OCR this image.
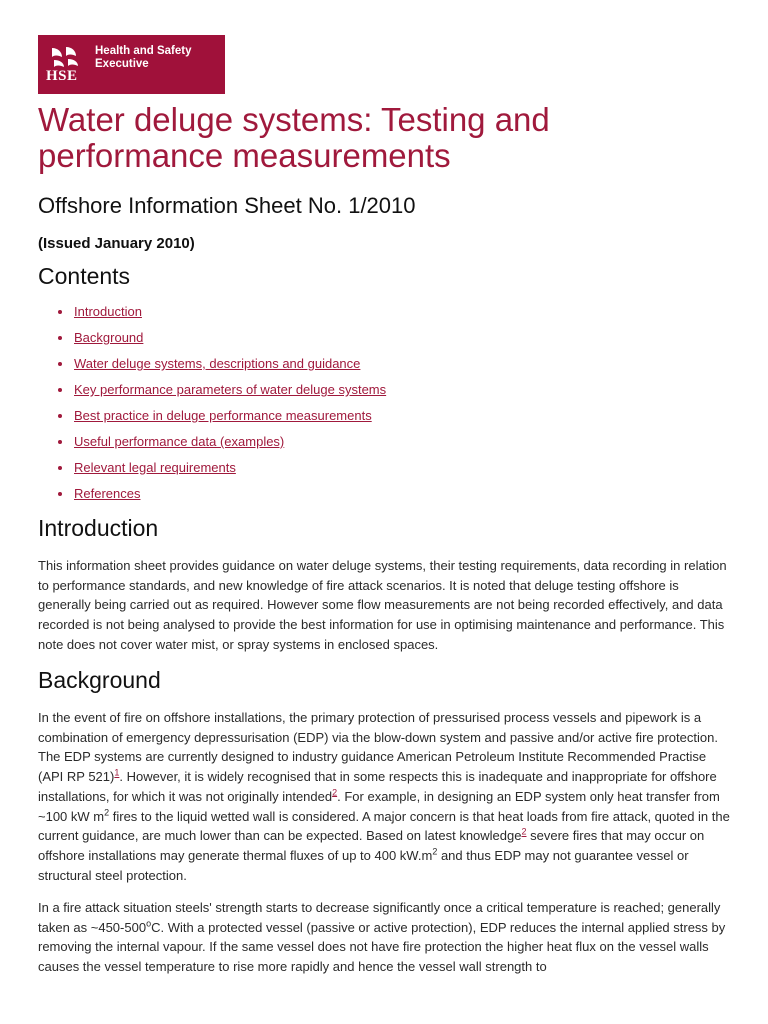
HSE
Health and Safety
Executive
Water deluge systems: Testing and performance measurements
Offshore Information Sheet No. 1/2010

(Issued January 2010)

Contents
Introduction
Background
Water deluge systems, descriptions and guidance
Key performance parameters of water deluge systems
Best practice in deluge performance measurements
Useful performance data (examples)
Relevant legal requirements
References
Introduction

This information sheet provides guidance on water deluge systems, their testing requirements, data recording in relation to performance standards, and new knowledge of fire attack scenarios. It is noted that deluge testing offshore is generally being carried out as required. However some flow measurements are not being recorded effectively, and data recorded is not being analysed to provide the best information for use in optimising maintenance and performance. This note does not cover water mist, or spray systems in enclosed spaces.

Background

In the event of fire on offshore installations, the primary protection of pressurised process vessels and pipework is a combination of emergency depressurisation (EDP) via the blow-down system and passive and/or active fire protection. The EDP systems are currently designed to industry guidance American Petroleum Institute Recommended Practise (API RP 521)$^1$. However, it is widely recognised that in some respects this is inadequate and inappropriate for offshore installations, for which it was not originally intended$^2$. For example, in designing an EDP system only heat transfer from ~100 kW $m^2$ fires to the liquid wetted wall is considered. A major concern is that heat loads from fire attack, quoted in the current guidance, are much lower than can be expected. Based on latest knowledge$^2$ severe fires that may occur on offshore installations may generate thermal fluxes of up to 400 $kW.m^2$ and thus EDP may not guarantee vessel or structural steel protection.

In a fire attack situation steels' strength starts to decrease significantly once a critical temperature is reached; generally taken as ~450-500$^o$C. With a protected vessel (passive or active protection), EDP reduces the internal applied stress by removing the internal vapour. If the same vessel does not have fire protection the higher heat flux on the vessel walls causes the vessel temperature to rise more rapidly and hence the vessel wall strength to
